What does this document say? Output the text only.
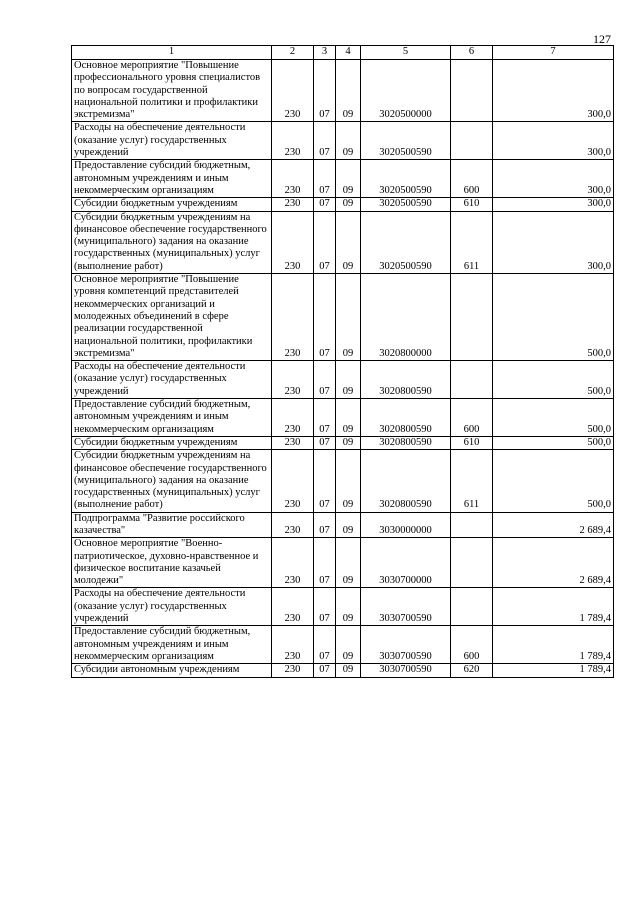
127
1	2	3	4	5	6	7
Основное мероприятие "Повышение профессионального уровня специалистов по вопросам государственной национальной политики и профилактики экстремизма"	230	07	09	3020500000		300,0
Расходы на обеспечение деятельности (оказание услуг) государственных учреждений	230	07	09	3020500590		300,0
Предоставление субсидий бюджетным, автономным учреждениям и иным некоммерческим организациям	230	07	09	3020500590	600	300,0
Субсидии бюджетным учреждениям	230	07	09	3020500590	610	300,0
Субсидии бюджетным учреждениям на финансовое обеспечение государственного (муниципального) задания на оказание государственных (муниципальных) услуг (выполнение работ)	230	07	09	3020500590	611	300,0
Основное мероприятие "Повышение уровня компетенций представителей некоммерческих организаций и молодежных объединений в сфере реализации государственной национальной политики, профилактики экстремизма"	230	07	09	3020800000		500,0
Расходы на обеспечение деятельности (оказание услуг) государственных учреждений	230	07	09	3020800590		500,0
Предоставление субсидий бюджетным, автономным учреждениям и иным некоммерческим организациям	230	07	09	3020800590	600	500,0
Субсидии бюджетным учреждениям	230	07	09	3020800590	610	500,0
Субсидии бюджетным учреждениям на финансовое обеспечение государственного (муниципального) задания на оказание государственных (муниципальных) услуг (выполнение работ)	230	07	09	3020800590	611	500,0
Подпрограмма "Развитие российского казачества"	230	07	09	3030000000		2 689,4
Основное мероприятие "Военно-патриотическое, духовно-нравственное и физическое воспитание казачьей молодежи"	230	07	09	3030700000		2 689,4
Расходы на обеспечение деятельности (оказание услуг) государственных учреждений	230	07	09	3030700590		1 789,4
Предоставление субсидий бюджетным, автономным учреждениям и иным некоммерческим организациям	230	07	09	3030700590	600	1 789,4
Субсидии автономным учреждениям	230	07	09	3030700590	620	1 789,4
